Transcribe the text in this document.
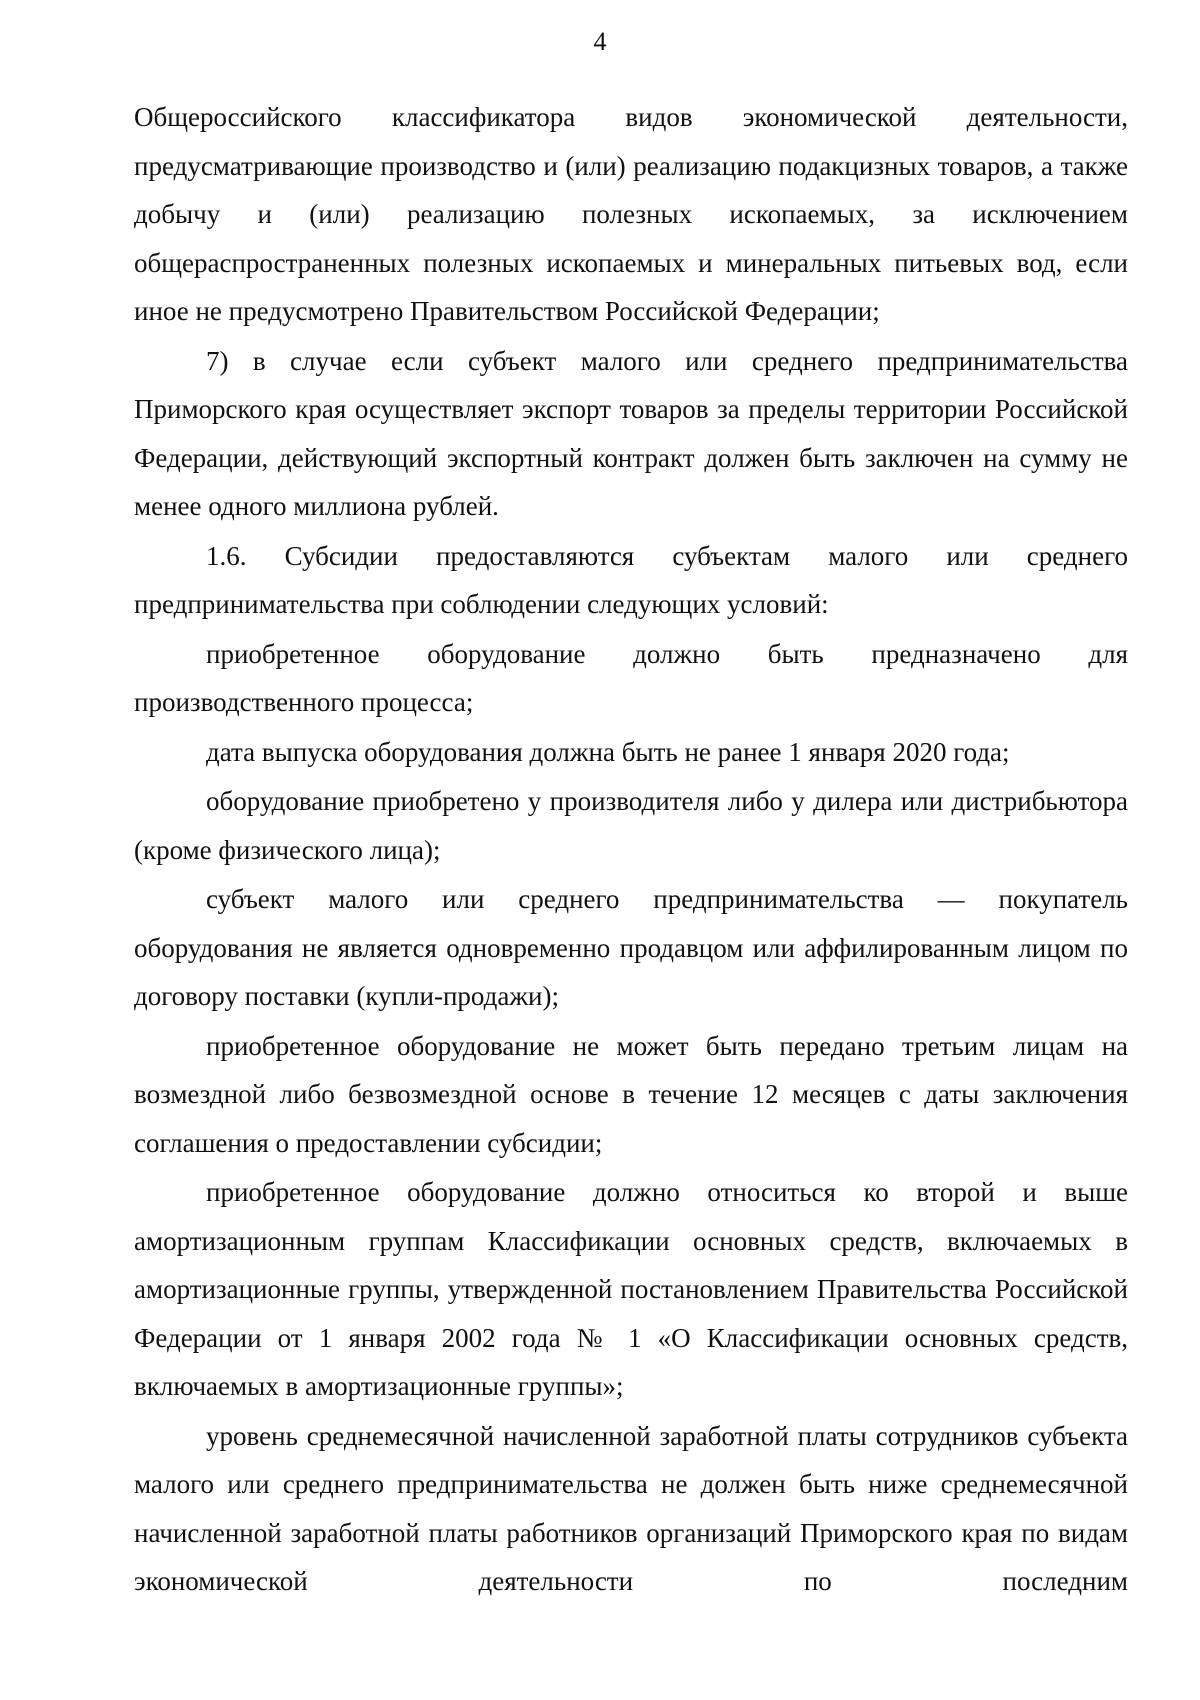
4

Общероссийского классификатора видов экономической деятельности, предусматривающие производство и (или) реализацию подакцизных товаров, а также добычу и (или) реализацию полезных ископаемых, за исключением общераспространенных полезных ископаемых и минеральных питьевых вод, если иное не предусмотрено Правительством Российской Федерации;

7) в случае если субъект малого или среднего предпринимательства Приморского края осуществляет экспорт товаров за пределы территории Российской Федерации, действующий экспортный контракт должен быть заключен на сумму не менее одного миллиона рублей.

1.6. Субсидии предоставляются субъектам малого или среднего предпринимательства при соблюдении следующих условий:

приобретенное оборудование должно быть предназначено для производственного процесса;

дата выпуска оборудования должна быть не ранее 1 января 2020 года;

оборудование приобретено у производителя либо у дилера или дистрибьютора (кроме физического лица);

субъект малого или среднего предпринимательства — покупатель оборудования не является одновременно продавцом или аффилированным лицом по договору поставки (купли-продажи);

приобретенное оборудование не может быть передано третьим лицам на возмездной либо безвозмездной основе в течение 12 месяцев с даты заключения соглашения о предоставлении субсидии;

приобретенное оборудование должно относиться ко второй и выше амортизационным группам Классификации основных средств, включаемых в амортизационные группы, утвержденной постановлением Правительства Российской Федерации от 1 января 2002 года № 1 «О Классификации основных средств, включаемых в амортизационные группы»;

уровень среднемесячной начисленной заработной платы сотрудников субъекта малого или среднего предпринимательства не должен быть ниже среднемесячной начисленной заработной платы работников организаций Приморского края по видам экономической деятельности по последним
